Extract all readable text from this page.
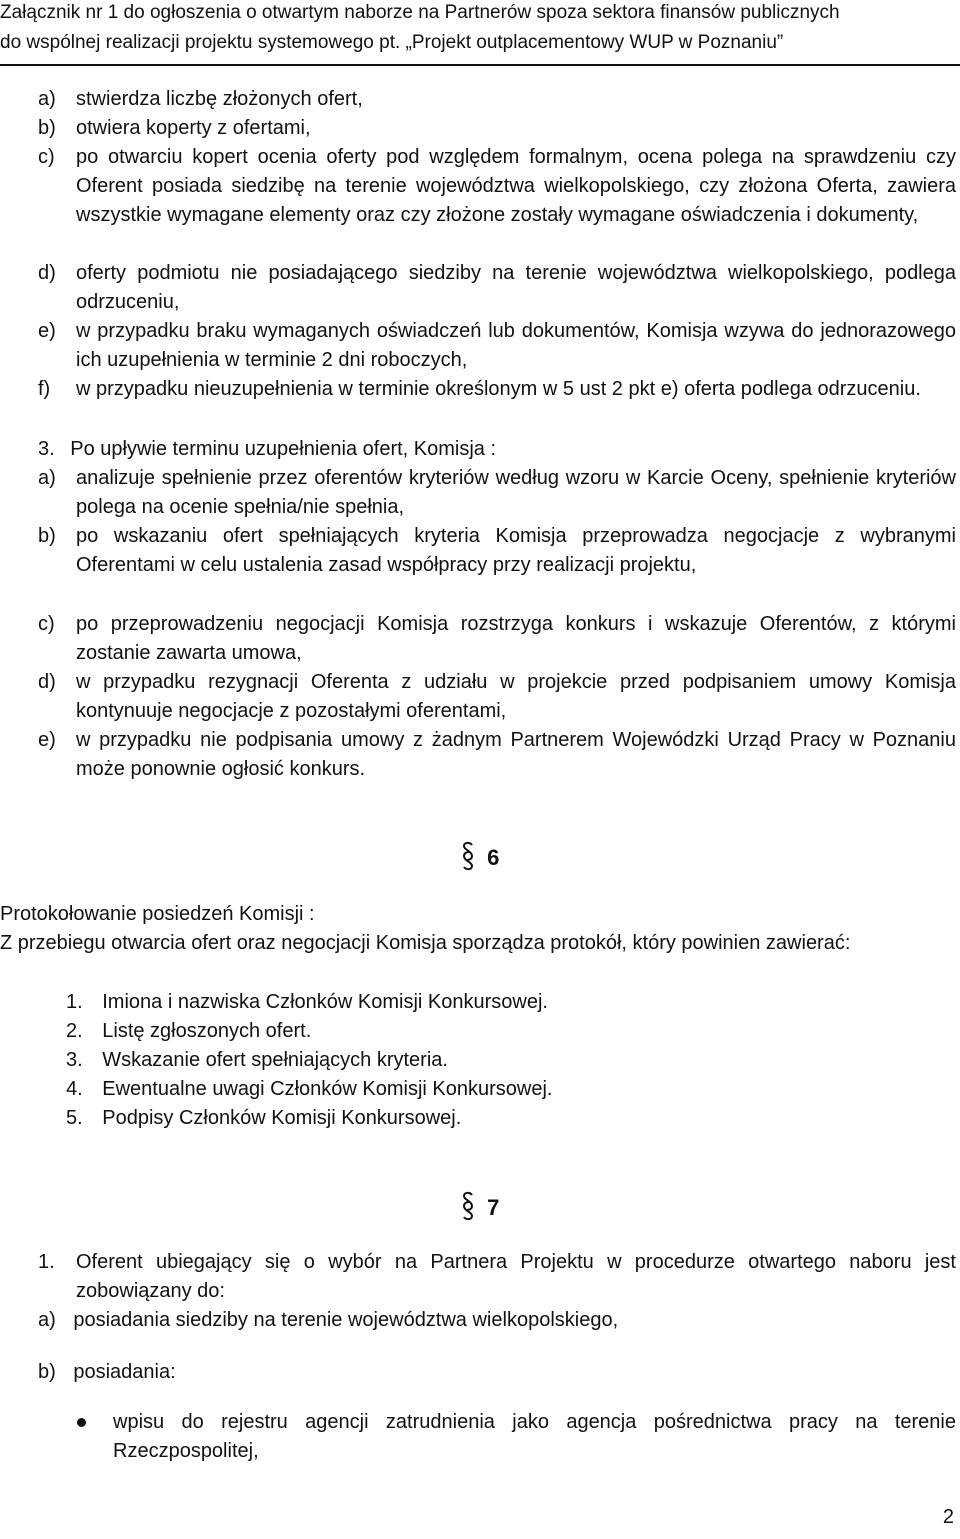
Załącznik nr 1 do ogłoszenia o otwartym naborze na Partnerów spoza sektora finansów publicznych
do wspólnej realizacji projektu systemowego pt. „Projekt outplacementowy WUP w Poznaniu”
a) stwierdza liczbę złożonych ofert,
b) otwiera koperty z ofertami,
c) po otwarciu kopert ocenia oferty pod względem formalnym, ocena polega na sprawdzeniu czy Oferent posiada siedzibę na terenie województwa wielkopolskiego, czy złożona Oferta, zawiera wszystkie wymagane elementy oraz czy złożone zostały wymagane oświadczenia i dokumenty,
d) oferty podmiotu nie posiadającego siedziby na terenie województwa wielkopolskiego, podlega odrzuceniu,
e) w przypadku braku wymaganych oświadczeń lub dokumentów, Komisja wzywa do jednorazowego ich uzupełnienia w terminie 2 dni roboczych,
f) w przypadku nieuzupełnienia w terminie określonym w 5 ust 2 pkt e) oferta podlega odrzuceniu.
3. Po upływie terminu uzupełnienia ofert, Komisja :
a) analizuje spełnienie przez oferentów kryteriów według wzoru w Karcie Oceny, spełnienie kryteriów polega na ocenie spełnia/nie spełnia,
b) po wskazaniu ofert spełniających kryteria Komisja przeprowadza negocjacje z wybranymi Oferentami w celu ustalenia zasad współpracy przy realizacji projektu,
c) po przeprowadzeniu negocjacji Komisja rozstrzyga konkurs i wskazuje Oferentów, z którymi zostanie zawarta umowa,
d) w przypadku rezygnacji Oferenta z udziału w projekcie przed podpisaniem umowy Komisja kontynuuje negocjacje z pozostałymi oferentami,
e) w przypadku nie podpisania umowy z żadnym Partnerem Wojewódzki Urząd Pracy w Poznaniu może ponownie ogłosić konkurs.
6
Protokołowanie posiedzeń Komisji :
Z przebiegu otwarcia ofert oraz negocjacji Komisja sporządza protokół, który powinien zawierać:
1. Imiona i nazwiska Członków Komisji Konkursowej.
2. Listę zgłoszonych ofert.
3. Wskazanie ofert spełniających kryteria.
4. Ewentualne uwagi Członków Komisji Konkursowej.
5. Podpisy Członków Komisji Konkursowej.
7
1. Oferent ubiegający się o wybór na Partnera Projektu w procedurze otwartego naboru jest zobowiązany do:
a) posiadania siedziby na terenie województwa wielkopolskiego,
b) posiadania:
wpisu do rejestru agencji zatrudnienia jako agencja pośrednictwa pracy na terenie Rzeczpospolitej,
2
